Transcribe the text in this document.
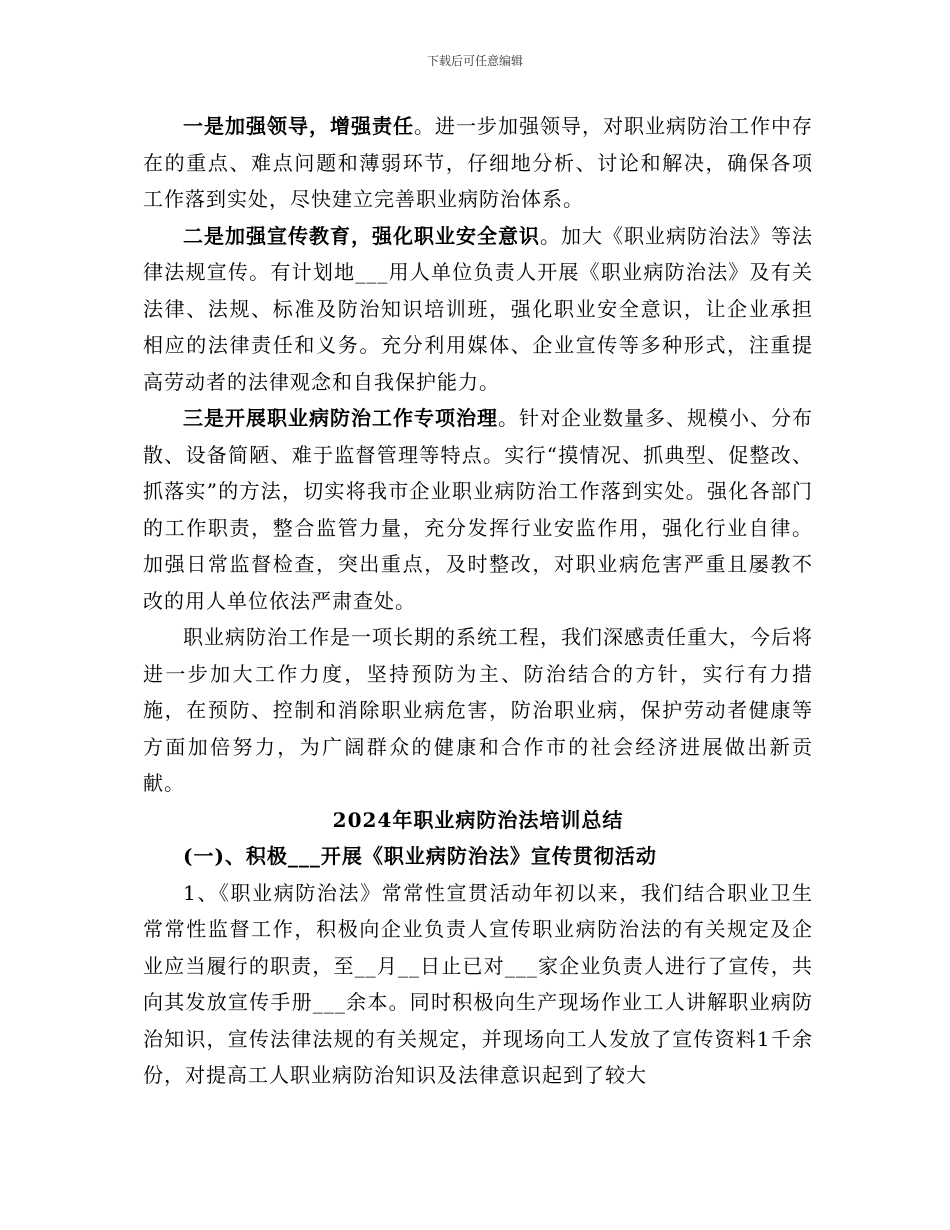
下载后可任意编辑

一是加强领导，增强责任。进一步加强领导，对职业病防治工作中存在的重点、难点问题和薄弱环节，仔细地分析、讨论和解决，确保各项工作落到实处，尽快建立完善职业病防治体系。

二是加强宣传教育，强化职业安全意识。加大《职业病防治法》等法律法规宣传。有计划地___用人单位负责人开展《职业病防治法》及有关法律、法规、标准及防治知识培训班，强化职业安全意识，让企业承担相应的法律责任和义务。充分利用媒体、企业宣传等多种形式，注重提高劳动者的法律观念和自我保护能力。

三是开展职业病防治工作专项治理。针对企业数量多、规模小、分布散、设备简陋、难于监督管理等特点。实行“摸情况、抓典型、促整改、抓落实”的方法，切实将我市企业职业病防治工作落到实处。强化各部门的工作职责，整合监管力量，充分发挥行业安监作用，强化行业自律。加强日常监督检查，突出重点，及时整改，对职业病危害严重且屡教不改的用人单位依法严肃查处。

职业病防治工作是一项长期的系统工程，我们深感责任重大，今后将进一步加大工作力度，坚持预防为主、防治结合的方针，实行有力措施，在预防、控制和消除职业病危害，防治职业病，保护劳动者健康等方面加倍努力，为广阔群众的健康和合作市的社会经济进展做出新贡献。

2024年职业病防治法培训总结

(一)、积极___开展《职业病防治法》宣传贯彻活动

1、《职业病防治法》常常性宣贯活动年初以来，我们结合职业卫生常常性监督工作，积极向企业负责人宣传职业病防治法的有关规定及企业应当履行的职责，至__月__日止已对___家企业负责人进行了宣传，共向其发放宣传手册___余本。同时积极向生产现场作业工人讲解职业病防治知识，宣传法律法规的有关规定，并现场向工人发放了宣传资料1千余份，对提高工人职业病防治知识及法律意识起到了较大
